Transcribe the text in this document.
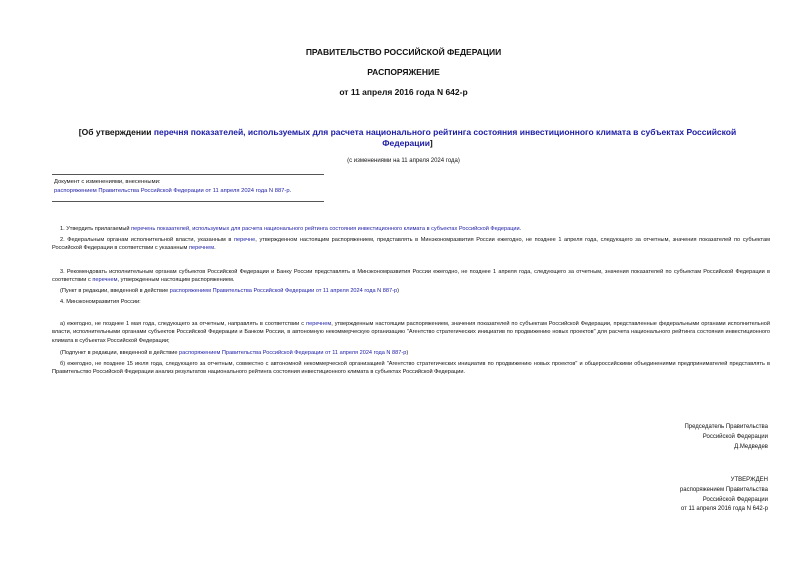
ПРАВИТЕЛЬСТВО РОССИЙСКОЙ ФЕДЕРАЦИИ
РАСПОРЯЖЕНИЕ
от 11 апреля 2016 года N 642-р
[Об утверждении перечня показателей, используемых для расчета национального рейтинга состояния инвестиционного климата в субъектах Российской Федерации]
(с изменениями на 11 апреля 2024 года)
Документ с изменениями, внесенными:
распоряжением Правительства Российской Федерации от 11 апреля 2024 года N 887-р.
1. Утвердить прилагаемый перечень показателей, используемых для расчета национального рейтинга состояния инвестиционного климата в субъектах Российской Федерации.
2. Федеральным органам исполнительной власти, указанным в перечне, утвержденном настоящим распоряжением, представлять в Минэкономразвития России ежегодно, не позднее 1 апреля года, следующего за отчетным, значения показателей по субъектам Российской Федерации в соответствии с указанным перечнем.
3. Рекомендовать исполнительным органам субъектов Российской Федерации и Банку России представлять в Минэкономразвития России ежегодно, не позднее 1 апреля года, следующего за отчетным, значения показателей по субъектам Российской Федерации в соответствии с перечнем, утвержденным настоящим распоряжением.
(Пункт в редакции, введенной в действие распоряжением Правительства Российской Федерации от 11 апреля 2024 года N 887-р)
4. Минэкономразвития России:
а) ежегодно, не позднее 1 мая года, следующего за отчетным, направлять в соответствии с перечнем, утвержденным настоящим распоряжением, значения показателей по субъектам Российской Федерации, представленные федеральными органами исполнительной власти, исполнительными органами субъектов Российской Федерации и Банком России, в автономную некоммерческую организацию "Агентство стратегических инициатив по продвижению новых проектов" для расчета национального рейтинга состояния инвестиционного климата в субъектах Российской Федерации;
(Подпункт в редакции, введенной в действие распоряжением Правительства Российской Федерации от 11 апреля 2024 года N 887-р)
б) ежегодно, не позднее 15 июля года, следующего за отчетным, совместно с автономной некоммерческой организацией "Агентство стратегических инициатив по продвижению новых проектов" и общероссийскими объединениями предпринимателей представлять в Правительство Российской Федерации анализ результатов национального рейтинга состояния инвестиционного климата в субъектах Российской Федерации.
Председатель Правительства
Российской Федерации
Д.Медведев
УТВЕРЖДЕН
распоряжением Правительства
Российской Федерации
от 11 апреля 2016 года N 642-р
